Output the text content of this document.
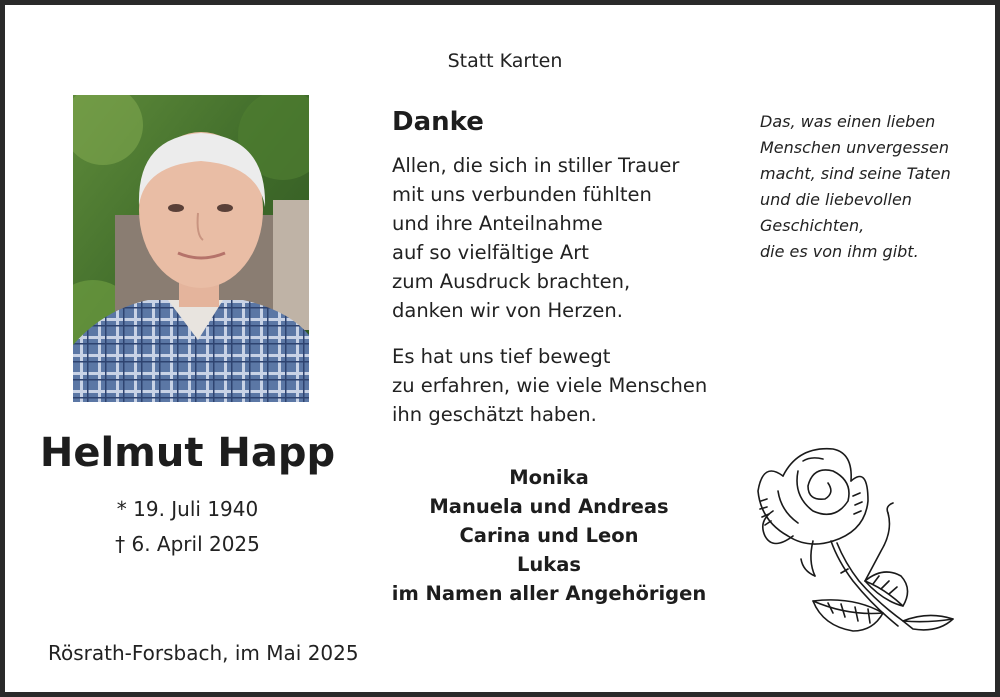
Statt Karten
Helmut Happ
* 19. Juli 1940
† 6. April 2025
Rösrath-Forsbach, im Mai 2025
Danke
Allen, die sich in stiller Trauer
mit uns verbunden fühlten
und ihre Anteilnahme
auf so vielfältige Art
zum Ausdruck brachten,
danken wir von Herzen.
Es hat uns tief bewegt
zu erfahren, wie viele Menschen
ihn geschätzt haben.
Monika
Manuela und Andreas
Carina und Leon
Lukas
im Namen aller Angehörigen
Das, was einen lieben
Menschen unvergessen
macht, sind seine Taten
und die liebevollen
Geschichten,
die es von ihm gibt.
